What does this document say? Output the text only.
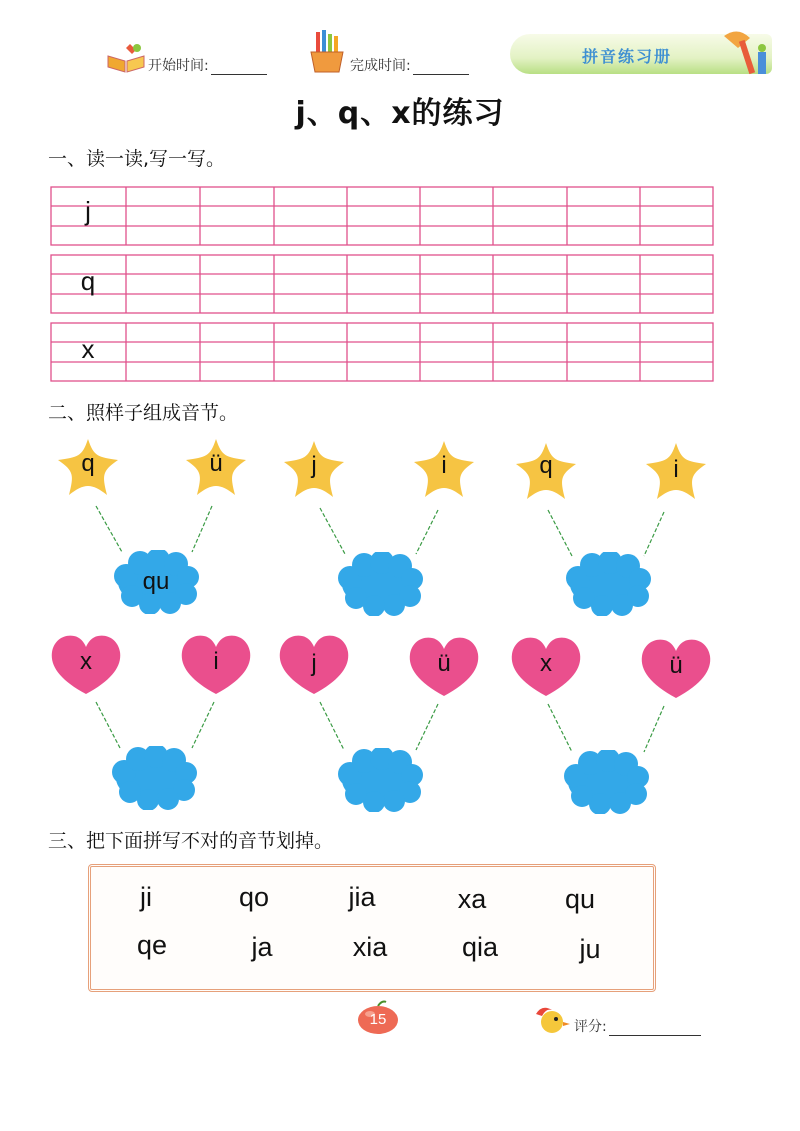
开始时间:	完成时间:	拼音练习册
j、q、x的练习
一、读一读,写一写。
j
q
x
二、照样子组成音节。
q	ü	j	i	q	i
qu
x	i	j	ü	x	ü
三、把下面拼写不对的音节划掉。
ji	qo	jia	xa	qu
qe	ja	xia	qia	ju
15	评分:
